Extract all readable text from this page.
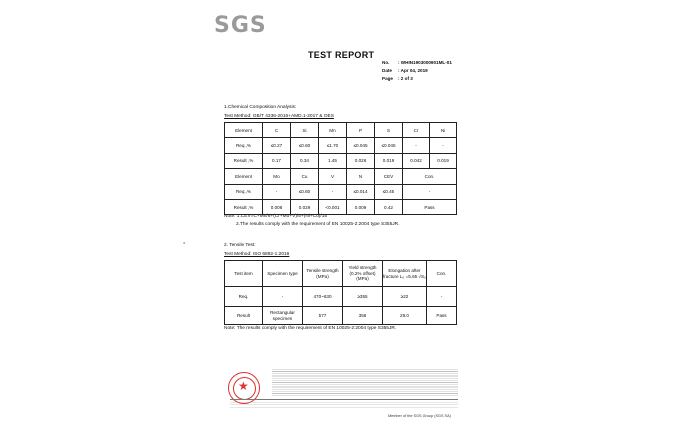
SGS
TEST REPORT
No.	: WHIN1903000901ML-01
Date	: Apr 04, 2019
Page	: 2 of 3
1.Chemical Composition Analysis:
Test Method: GB/T 4336-2016+AMD.1-2017 & OES
Element	C	Si	Mn	P	S	Cr	Ni
Req.,%	≤0.27	≤0.60	≤1.70	≤0.045	≤0.045	-	-
Result ,%	0.17	0.34	1.45	0.026	0.019	0.042	0.019
Element	Mo	Cu	V	N	CEV	Con.	
Req.,%	-	≤0.60	-	≤0.014	≤0.45	-	
Result ,%	0.006	0.029	<0.001	0.009	0.42	Pass	
Note: 1.CEV=C+Mn/6+(Cr+Mo+V)/5+(Ni+Cu)/15
2.The results comply with the requirement of EN 10025-2:2004 type S355JR.
a
2. Tensile Test:
Test Method: ISO 6892-1:2016
Test item	Specimen type	Tensile strength (MPa)	Yield strength (0.2% offset) (MPa)	Elongation after fracture L₀ =5.65 √S₀	Con.
Req.	-	470~630	≥355	≥22	-
Result	Rectangular specimen	577	356	29.0	Pass
Note: The results comply with the requirement of EN 10025-2:2004 type S355JR.
★
Member of the SGS Group (SGS SA)
